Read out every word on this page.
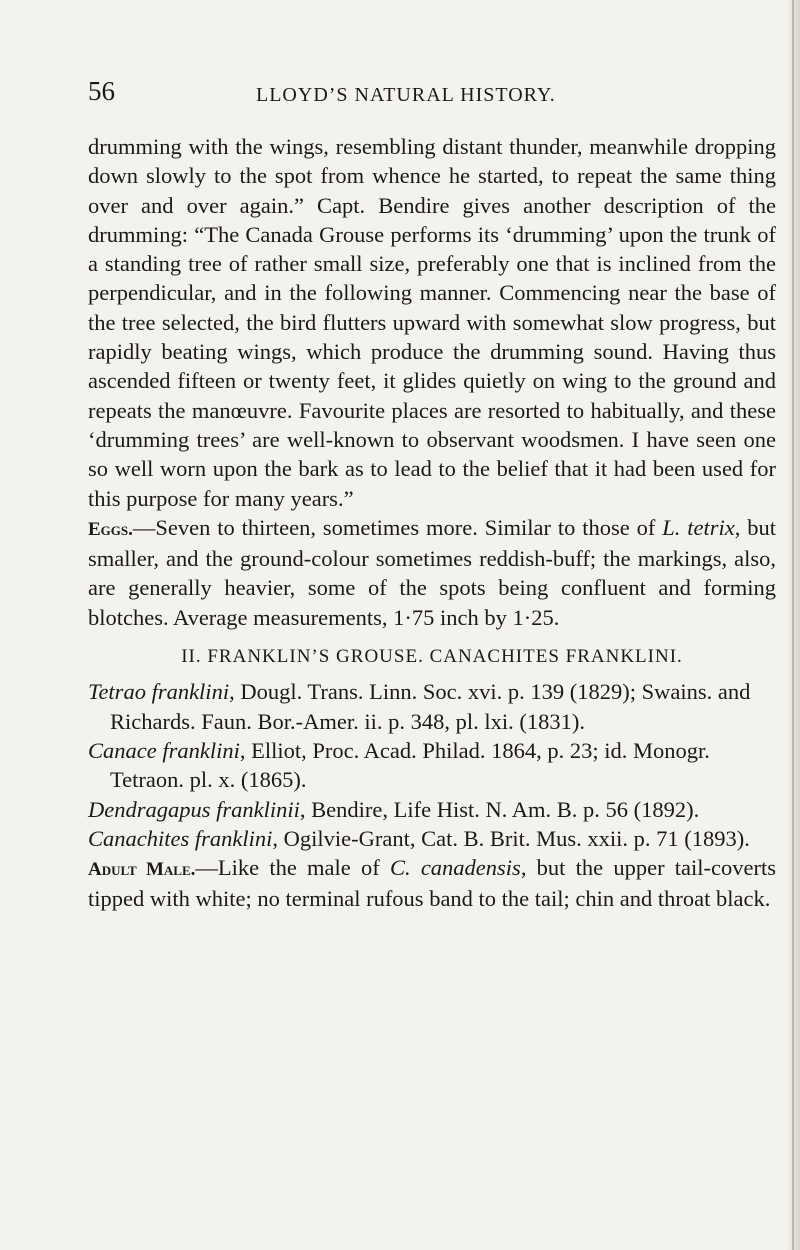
56	LLOYD’S NATURAL HISTORY.

drumming with the wings, resembling distant thunder, meanwhile dropping down slowly to the spot from whence he started, to repeat the same thing over and over again.” Capt. Bendire gives another description of the drumming: “The Canada Grouse performs its ‘drumming’ upon the trunk of a standing tree of rather small size, preferably one that is inclined from the perpendicular, and in the following manner. Commencing near the base of the tree selected, the bird flutters upward with somewhat slow progress, but rapidly beating wings, which produce the drumming sound. Having thus ascended fifteen or twenty feet, it glides quietly on wing to the ground and repeats the manœuvre. Favourite places are resorted to habitually, and these ‘drumming trees’ are well-known to observant woodsmen. I have seen one so well worn upon the bark as to lead to the belief that it had been used for this purpose for many years.”

Eggs.—Seven to thirteen, sometimes more. Similar to those of L. tetrix, but smaller, and the ground-colour sometimes reddish-buff; the markings, also, are generally heavier, some of the spots being confluent and forming blotches. Average measurements, 1·75 inch by 1·25.

II. FRANKLIN’S GROUSE. CANACHITES FRANKLINI.

Tetrao franklini, Dougl. Trans. Linn. Soc. xvi. p. 139 (1829); Swains. and Richards. Faun. Bor.-Amer. ii. p. 348, pl. lxi. (1831).

Canace franklini, Elliot, Proc. Acad. Philad. 1864, p. 23; id. Monogr. Tetraon. pl. x. (1865).

Dendragapus franklinii, Bendire, Life Hist. N. Am. B. p. 56 (1892).

Canachites franklini, Ogilvie-Grant, Cat. B. Brit. Mus. xxii. p. 71 (1893).

Adult Male.—Like the male of C. canadensis, but the upper tail-coverts tipped with white; no terminal rufous band to the tail; chin and throat black.
